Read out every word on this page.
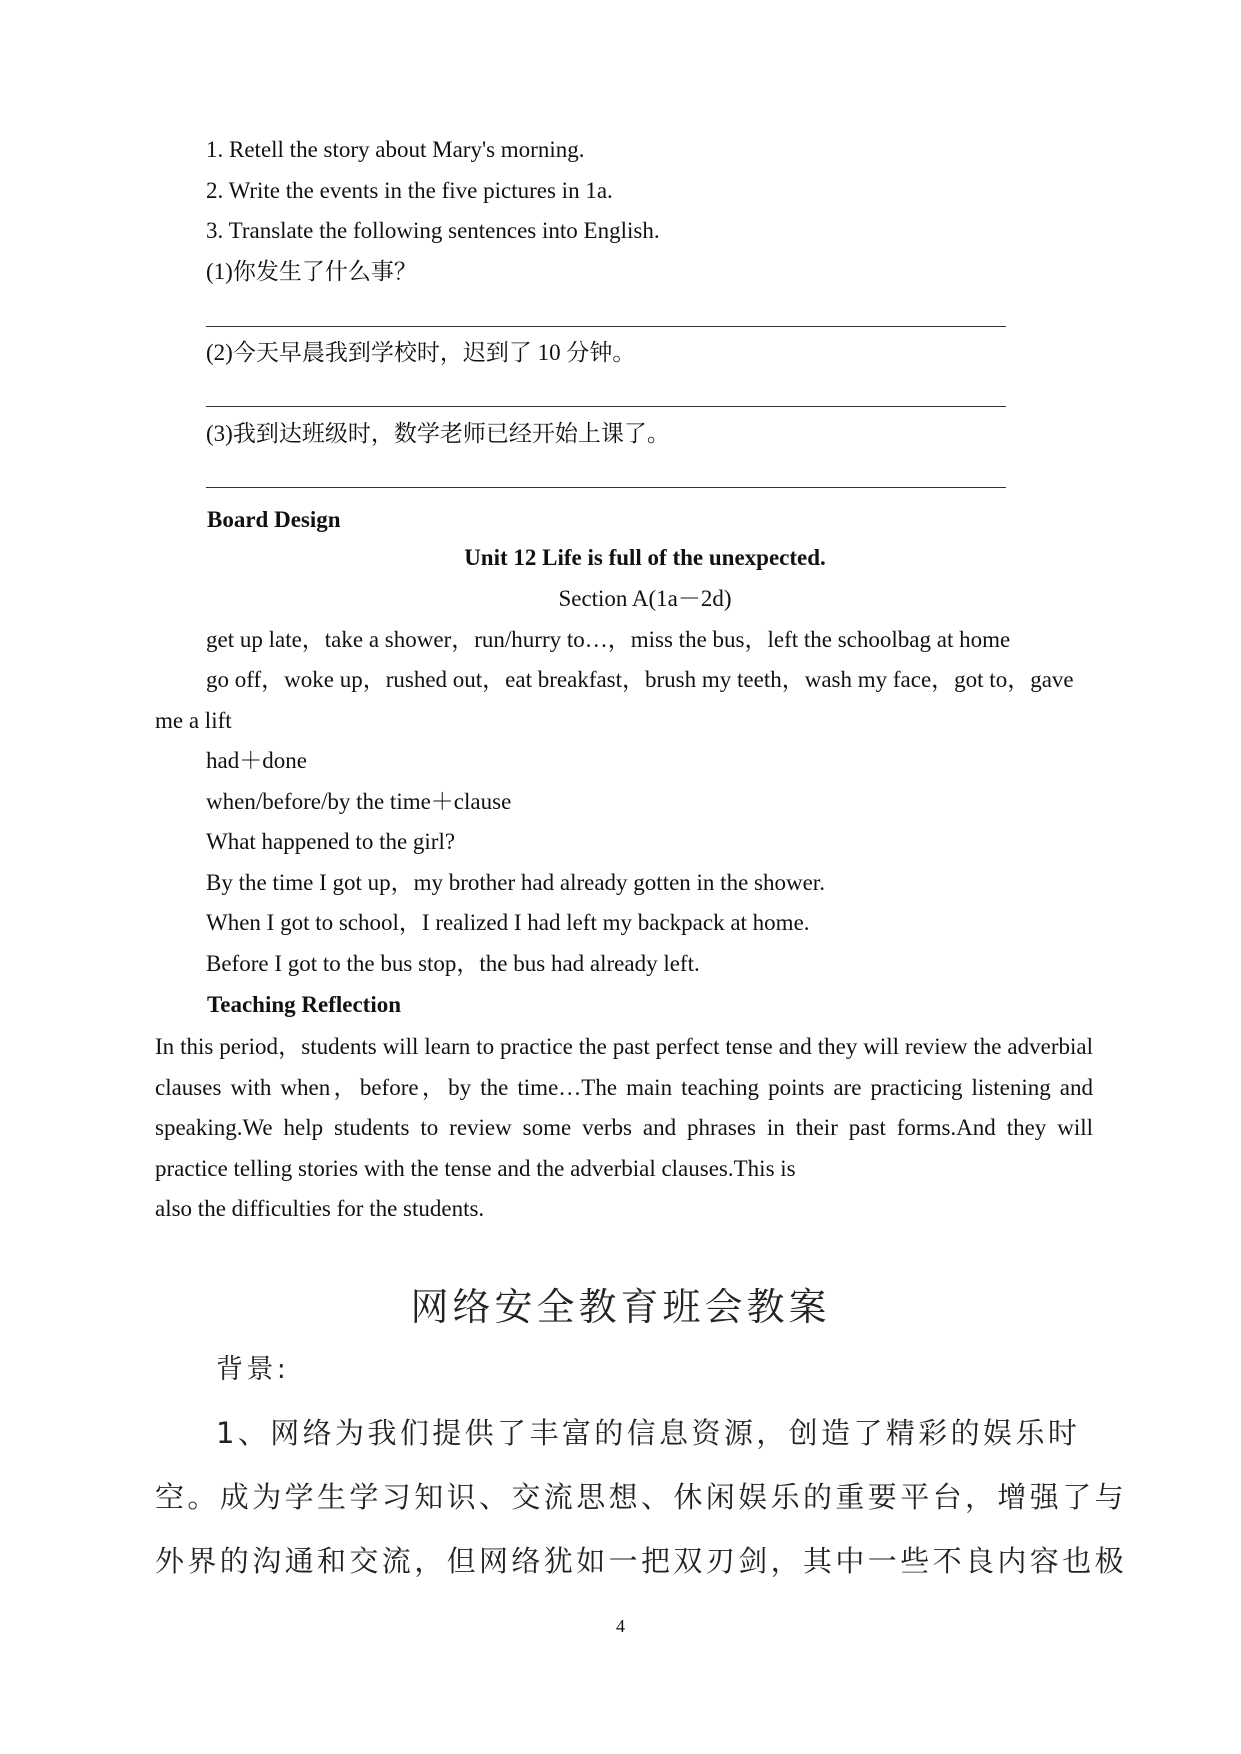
1. Retell the story about Mary's morning.
2. Write the events in the five pictures in 1a.
3. Translate the following sentences into English.
(1)你发生了什么事？
(2)今天早晨我到学校时，迟到了 10 分钟。
(3)我到达班级时，数学老师已经开始上课了。
Board Design
Unit 12 Life is full of the unexpected.
Section A(1a－2d)
get up late，take a shower，run/hurry to…，miss the bus，left the schoolbag at home
go off，woke up，rushed out，eat breakfast，brush my teeth，wash my face，got to，gave
me a lift
had＋done
when/before/by the time＋clause
What happened to the girl?
By the time I got up，my brother had already gotten in the shower.
When I got to school，I realized I had left my backpack at home.
Before I got to the bus stop，the bus had already left.
Teaching Reflection
In this period，students will learn to practice the past perfect tense and they will review the adverbial clauses with when，before，by the time…The main teaching points are practicing listening and speaking.We help students to review some verbs and phrases in their past forms.And they will practice telling stories with the tense and the adverbial clauses.This is
also the difficulties for the students.
网络安全教育班会教案
背景:
1、网络为我们提供了丰富的信息资源，创造了精彩的娱乐时
空。成为学生学习知识、交流思想、休闲娱乐的重要平台，增强了与
外界的沟通和交流，但网络犹如一把双刃剑，其中一些不良内容也极
4
